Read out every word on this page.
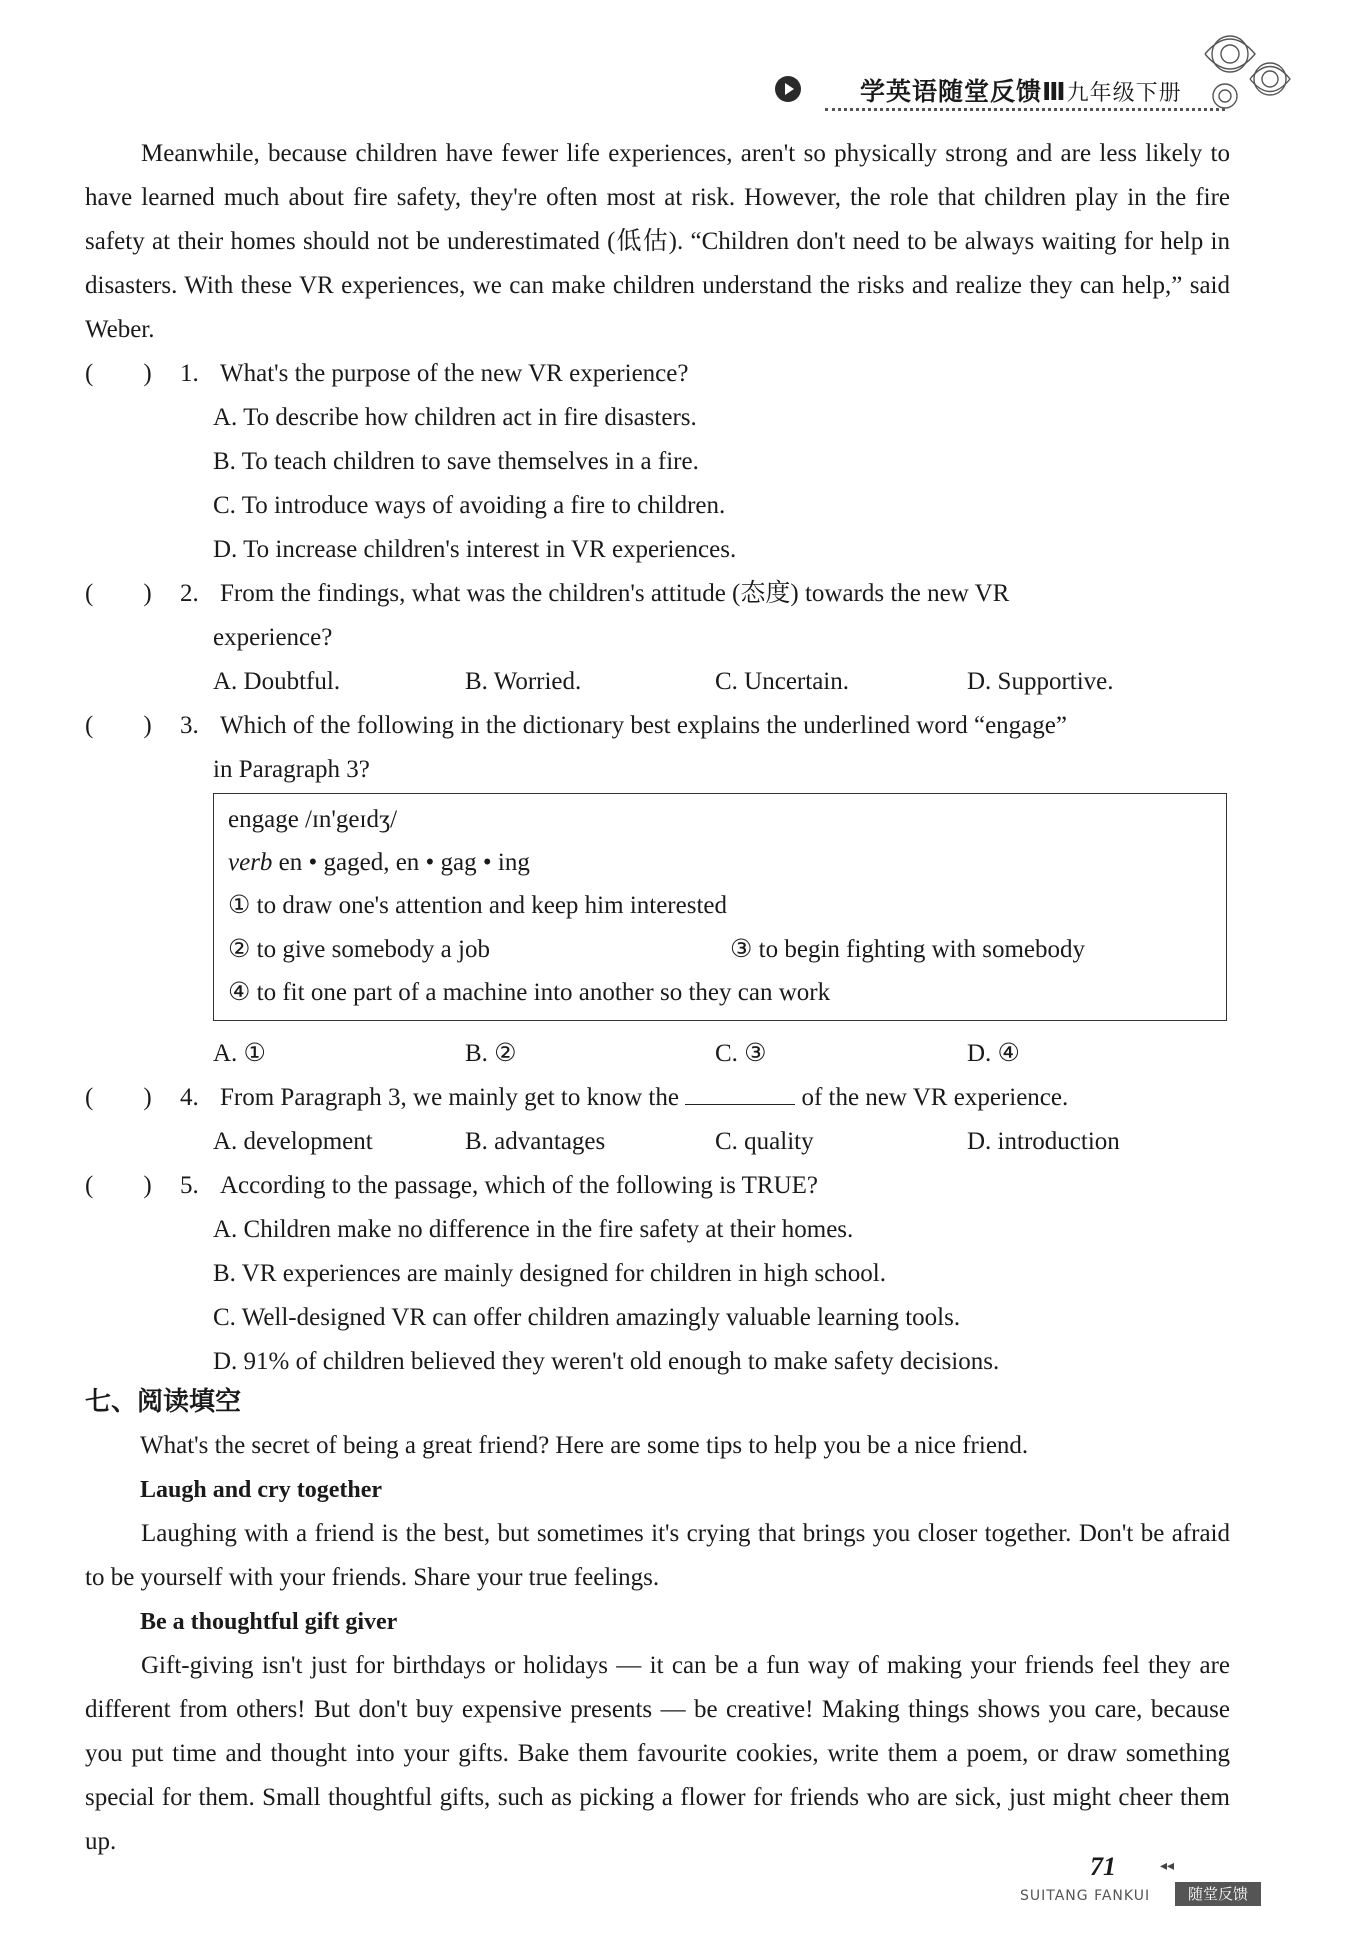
学英语随堂反馈Ⅲ九年级下册
Meanwhile, because children have fewer life experiences, aren't so physically strong and are less likely to have learned much about fire safety, they're often most at risk. However, the role that children play in the fire safety at their homes should not be underestimated (低估). “Children don't need to be always waiting for help in disasters. With these VR experiences, we can make children understand the risks and realize they can help,” said Weber.
(　　) 1. What's the purpose of the new VR experience?
A. To describe how children act in fire disasters.
B. To teach children to save themselves in a fire.
C. To introduce ways of avoiding a fire to children.
D. To increase children's interest in VR experiences.
(　　) 2. From the findings, what was the children's attitude (态度) towards the new VR
experience?
A. Doubtful.	B. Worried.	C. Uncertain.	D. Supportive.
(　　) 3. Which of the following in the dictionary best explains the underlined word “engage”
in Paragraph 3?
engage /ɪn'geɪdʒ/
verb en • gaged, en • gag • ing
① to draw one's attention and keep him interested
② to give somebody a job	③ to begin fighting with somebody
④ to fit one part of a machine into another so they can work
A. ①	B. ②	C. ③	D. ④
(　　) 4. From Paragraph 3, we mainly get to know the	of the new VR experience.
A. development	B. advantages	C. quality	D. introduction
(　　) 5. According to the passage, which of the following is TRUE?
A. Children make no difference in the fire safety at their homes.
B. VR experiences are mainly designed for children in high school.
C. Well-designed VR can offer children amazingly valuable learning tools.
D. 91% of children believed they weren't old enough to make safety decisions.
七、阅读填空
What's the secret of being a great friend? Here are some tips to help you be a nice friend.
Laugh and cry together
Laughing with a friend is the best, but sometimes it's crying that brings you closer together. Don't be afraid to be yourself with your friends. Share your true feelings.
Be a thoughtful gift giver
Gift-giving isn't just for birthdays or holidays — it can be a fun way of making your friends feel they are different from others! But don't buy expensive presents — be creative! Making things shows you care, because you put time and thought into your gifts. Bake them favourite cookies, write them a poem, or draw something special for them. Small thoughtful gifts, such as picking a flower for friends who are sick, just might cheer them up.
71	◂◂
SUITANG FANKUI	随堂反馈
